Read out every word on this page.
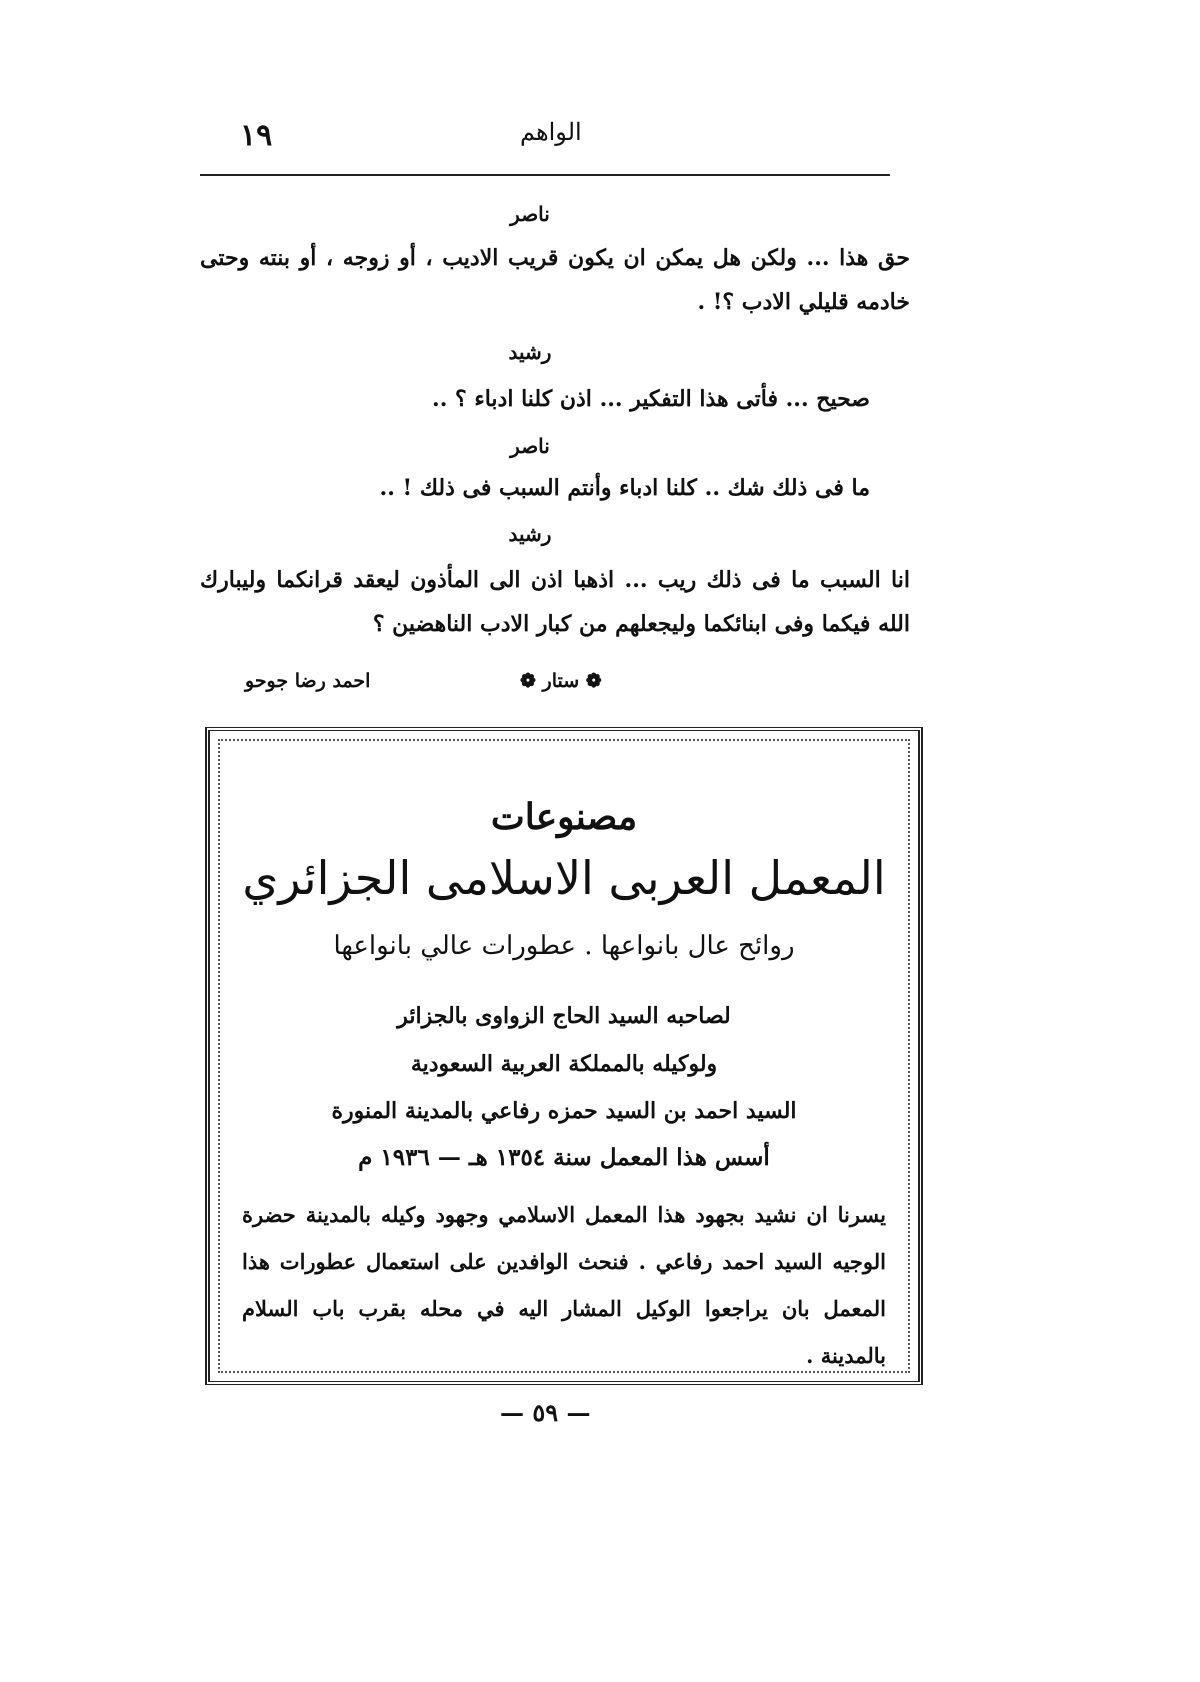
١٩	الواهم
ناصر
حق هذا ... ولكن هل يمكن ان يكون قريب الاديب ، أو زوجه ، أو بنته وحتى خادمه قليلي الادب ؟! .
رشيد
صحيح ... فأتى هذا التفكير ... اذن كلنا ادباء ؟ ..
ناصر
ما فى ذلك شك .. كلنا ادباء وأنتم السبب فى ذلك ! ..
رشيد
انا السبب ما فى ذلك ريب ... اذهبا اذن الى المأذون ليعقد قرانكما وليبارك الله فيكما وفى ابنائكما وليجعلهم من كبار الادب الناهضين ؟
❁ ستار ❁
احمد رضا جوحو
مصنوعات
المعمل العربى الاسلامى الجزائري
روائح عال بانواعها . عطورات عالي بانواعها
لصاحبه السيد الحاج الزواوى بالجزائر
ولوكيله بالمملكة العربية السعودية
السيد احمد بن السيد حمزه رفاعي بالمدينة المنورة
أسس هذا المعمل سنة ١٣٥٤ هـ — ١٩٣٦ م
يسرنا ان نشيد بجهود هذا المعمل الاسلامي وجهود وكيله بالمدينة حضرة الوجيه السيد احمد رفاعي . فنحث الوافدين على استعمال عطورات هذا المعمل بان يراجعوا الوكيل المشار اليه في محله بقرب باب السلام بالمدينة .
— ٥٩ —
